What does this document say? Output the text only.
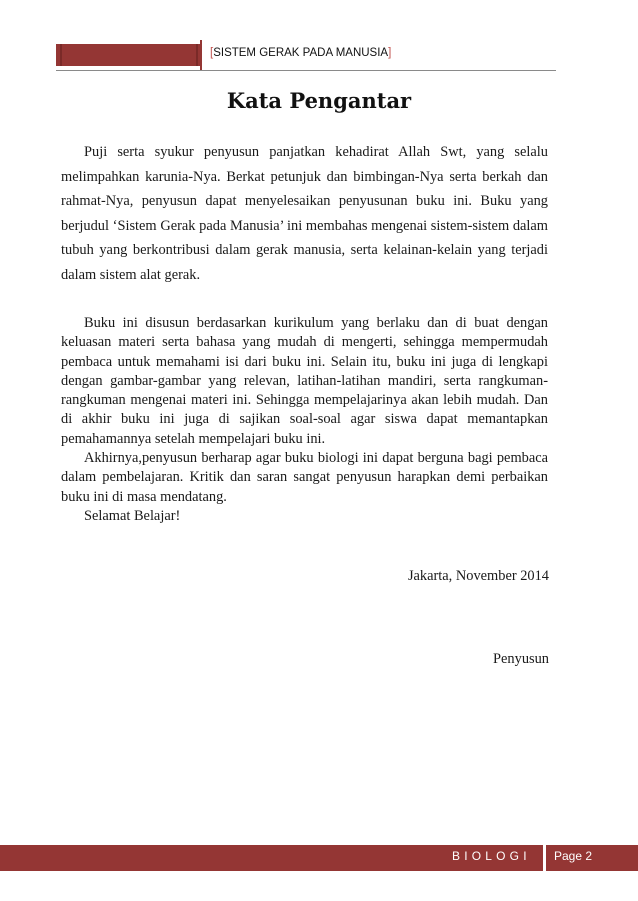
[SISTEM GERAK PADA MANUSIA]
Kata Pengantar

Puji serta syukur penyusun panjatkan kehadirat Allah Swt, yang selalu melimpahkan karunia-Nya. Berkat petunjuk dan bimbingan-Nya serta berkah dan rahmat-Nya, penyusun dapat menyelesaikan penyusunan buku ini. Buku yang berjudul ‘Sistem Gerak pada Manusia’ ini membahas mengenai sistem-sistem dalam tubuh yang berkontribusi dalam gerak manusia, serta kelainan-kelain yang terjadi dalam sistem alat gerak.

Buku ini disusun berdasarkan kurikulum yang berlaku dan di buat dengan keluasan materi serta bahasa yang mudah di mengerti, sehingga mempermudah pembaca untuk memahami isi dari buku ini. Selain itu, buku ini juga di lengkapi dengan gambar-gambar yang relevan, latihan-latihan mandiri, serta rangkuman-rangkuman mengenai materi ini. Sehingga mempelajarinya akan lebih mudah. Dan di akhir buku ini juga di sajikan soal-soal agar siswa dapat memantapkan pemahamannya setelah mempelajari buku ini.

Akhirnya,penyusun berharap agar buku biologi ini dapat berguna bagi pembaca dalam pembelajaran. Kritik dan saran sangat penyusun harapkan demi perbaikan buku ini di masa mendatang.

Selamat Belajar!

Jakarta, November 2014
Penyusun
BIOLOGI Page 2
